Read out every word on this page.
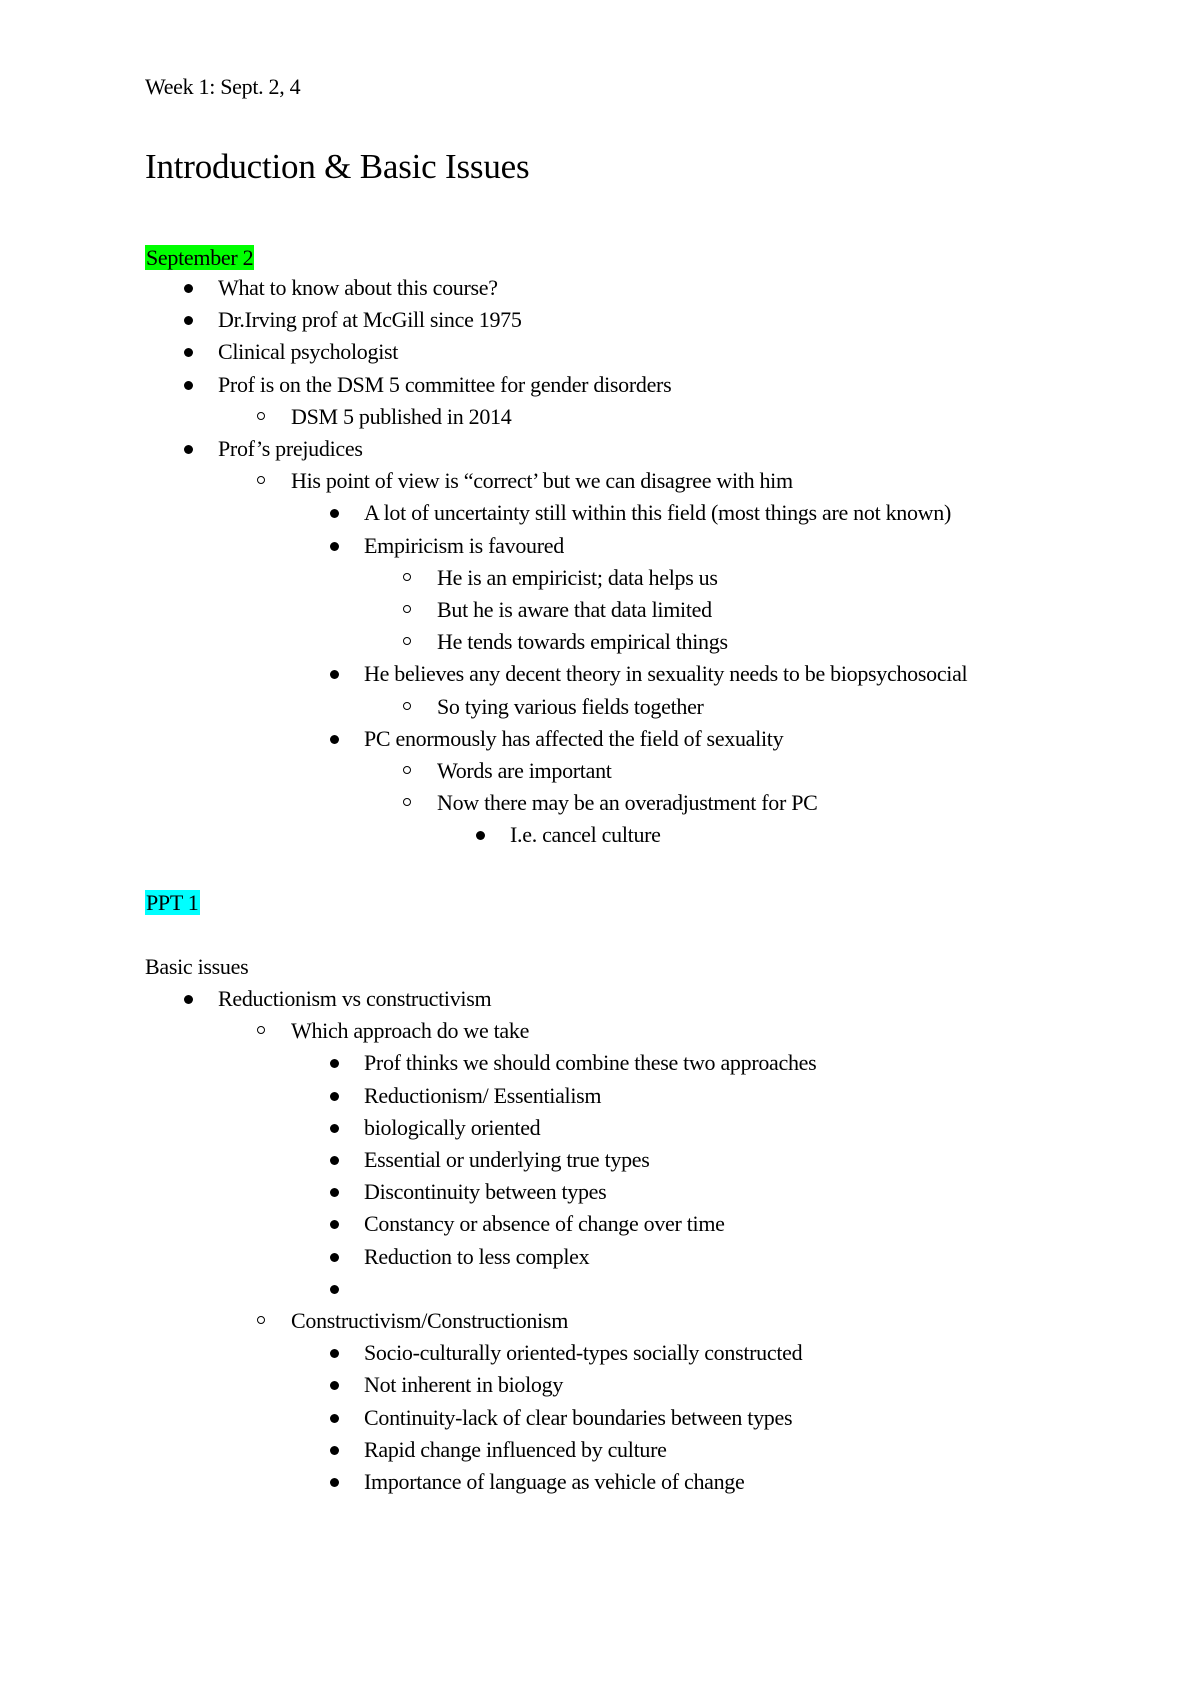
Week 1: Sept. 2, 4
Introduction & Basic Issues
September 2
What to know about this course?
Dr.Irving prof at McGill since 1975
Clinical psychologist
Prof is on the DSM 5 committee for gender disorders
DSM 5 published in 2014
Prof’s prejudices
His point of view is “correct’ but we can disagree with him
A lot of uncertainty still within this field (most things are not known)
Empiricism is favoured
He is an empiricist; data helps us
But he is aware that data limited
He tends towards empirical things
He believes any decent theory in sexuality needs to be biopsychosocial
So tying various fields together
PC enormously has affected the field of sexuality
Words are important
Now there may be an overadjustment for PC
I.e. cancel culture
PPT 1
Basic issues
Reductionism vs constructivism
Which approach do we take
Prof thinks we should combine these two approaches
Reductionism/ Essentialism
biologically oriented
Essential or underlying true types
Discontinuity between types
Constancy or absence of change over time
Reduction to less complex
Constructivism/Constructionism
Socio-culturally oriented-types socially constructed
Not inherent in biology
Continuity-lack of clear boundaries between types
Rapid change influenced by culture
Importance of language as vehicle of change
